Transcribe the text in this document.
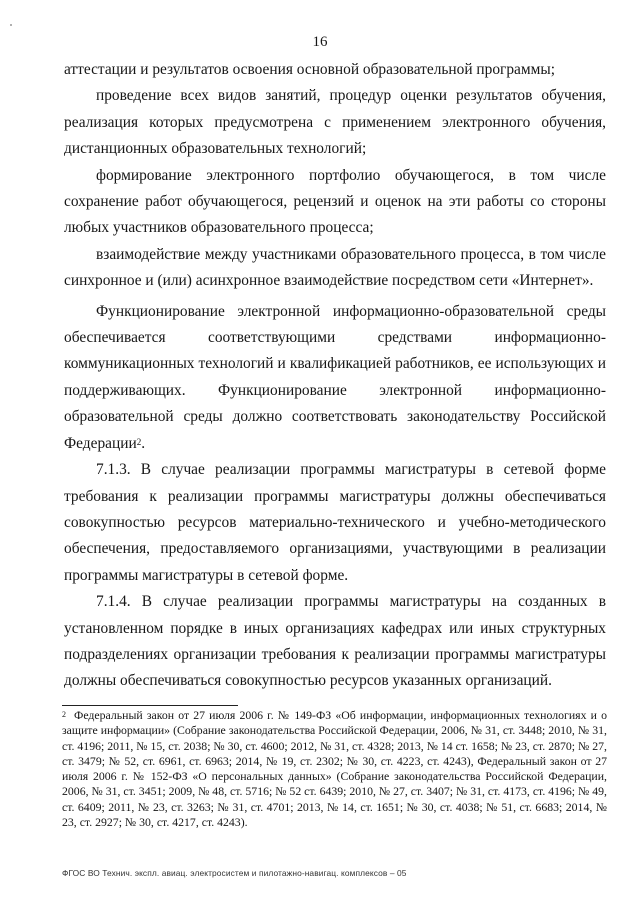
16

аттестации и результатов освоения основной образовательной программы;

проведение всех видов занятий, процедур оценки результатов обучения, реализация которых предусмотрена с применением электронного обучения, дистанционных образовательных технологий;

формирование электронного портфолио обучающегося, в том числе сохранение работ обучающегося, рецензий и оценок на эти работы со стороны любых участников образовательного процесса;

взаимодействие между участниками образовательного процесса, в том числе синхронное и (или) асинхронное взаимодействие посредством сети «Интернет».

Функционирование электронной информационно-образовательной среды обеспечивается соответствующими средствами информационно-коммуникационных технологий и квалификацией работников, ее использующих и поддерживающих. Функционирование электронной информационно-образовательной среды должно соответствовать законодательству Российской Федерации$^2$.

7.1.3. В случае реализации программы магистратуры в сетевой форме требования к реализации программы магистратуры должны обеспечиваться совокупностью ресурсов материально-технического и учебно-методического обеспечения, предоставляемого организациями, участвующими в реализации программы магистратуры в сетевой форме.

7.1.4. В случае реализации программы магистратуры на созданных в установленном порядке в иных организациях кафедрах или иных структурных подразделениях организации требования к реализации программы магистратуры должны обеспечиваться совокупностью ресурсов указанных организаций.

$^2$ Федеральный закон от 27 июля 2006 г. № 149-ФЗ «Об информации, информационных технологиях и о защите информации» (Собрание законодательства Российской Федерации, 2006, № 31, ст. 3448; 2010, № 31, ст. 4196; 2011, № 15, ст. 2038; № 30, ст. 4600; 2012, № 31, ст. 4328; 2013, № 14 ст. 1658; № 23, ст. 2870; № 27, ст. 3479; № 52, ст. 6961, ст. 6963; 2014, № 19, ст. 2302; № 30, ст. 4223, ст. 4243), Федеральный закон от 27 июля 2006 г. № 152-ФЗ «О персональных данных» (Собрание законодательства Российской Федерации, 2006, № 31, ст. 3451; 2009, № 48, ст. 5716; № 52 ст. 6439; 2010, № 27, ст. 3407; № 31, ст. 4173, ст. 4196; № 49, ст. 6409; 2011, № 23, ст. 3263; № 31, ст. 4701; 2013, № 14, ст. 1651; № 30, ст. 4038; № 51, ст. 6683; 2014, № 23, ст. 2927; № 30, ст. 4217, ст. 4243).
ФГОС ВО Технич. экспл. авиац. электросистем и пилотажно-навигац. комплексов – 05
